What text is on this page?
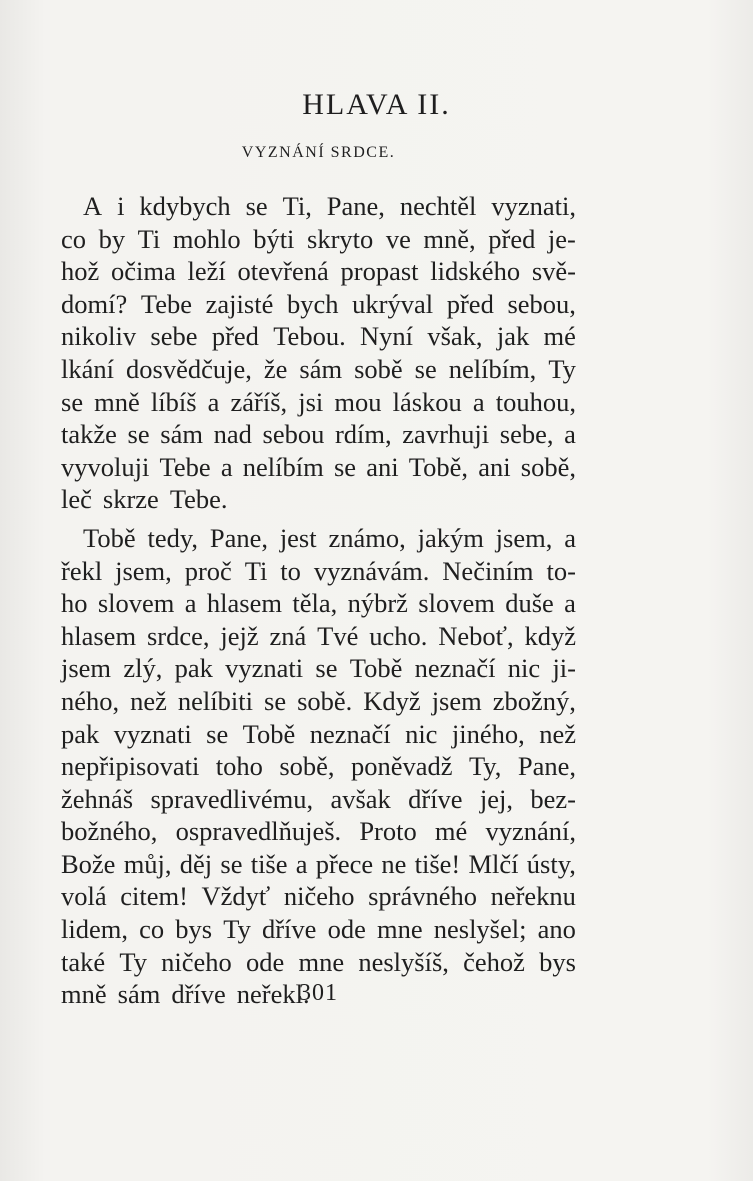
HLAVA II.
VYZNÁNÍ SRDCE.
A i kdybych se Ti, Pane, nechtěl vyznati,
co by Ti mohlo býti skryto ve mně, před je-
hož očima leží otevřená propast lidského svě-
domí? Tebe zajisté bych ukrýval před sebou,
nikoliv sebe před Tebou. Nyní však, jak mé
lkání dosvědčuje, že sám sobě se nelíbím, Ty
se mně líbíš a záříš, jsi mou láskou a touhou,
takže se sám nad sebou rdím, zavrhuji sebe, a
vyvoluji Tebe a nelíbím se ani Tobě, ani sobě,
leč skrze Tebe.
Tobě tedy, Pane, jest známo, jakým jsem, a
řekl jsem, proč Ti to vyznávám. Nečiním to-
ho slovem a hlasem těla, nýbrž slovem duše a
hlasem srdce, jejž zná Tvé ucho. Neboť, když
jsem zlý, pak vyznati se Tobě neznačí nic ji-
ného, než nelíbiti se sobě. Když jsem zbožný,
pak vyznati se Tobě neznačí nic jiného, než
nepřipisovati toho sobě, poněvadž Ty, Pane,
žehnáš spravedlivému, avšak dříve jej, bez-
božného, ospravedlňuješ. Proto mé vyznání,
Bože můj, děj se tiše a přece ne tiše! Mlčí ústy,
volá citem! Vždyť ničeho správného neřeknu
lidem, co bys Ty dříve ode mne neslyšel; ano
také Ty ničeho ode mne neslyšíš, čehož bys
mně sám dříve neřekl.
301
